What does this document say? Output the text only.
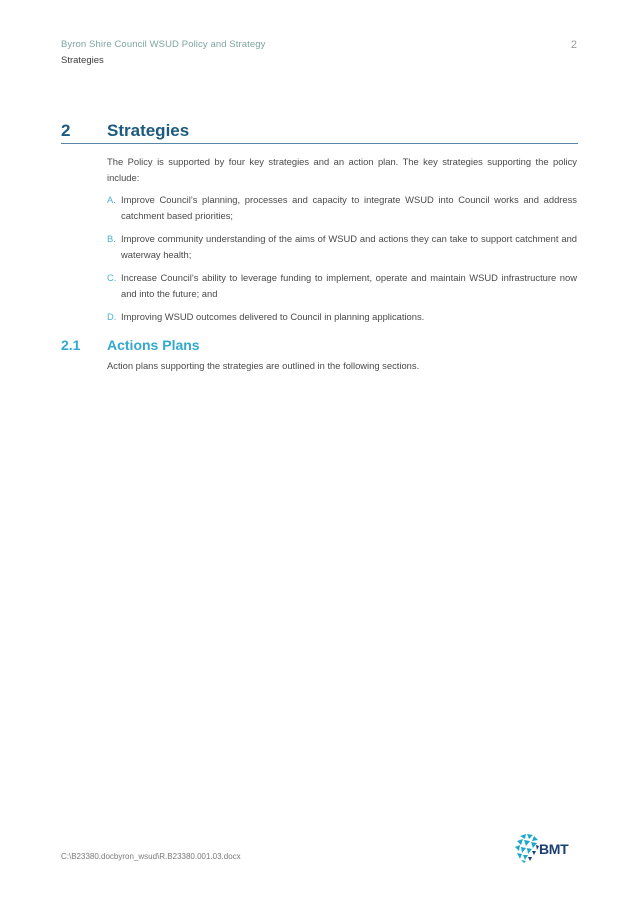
Byron Shire Council WSUD Policy and Strategy
Strategies
2
2 Strategies
The Policy is supported by four key strategies and an action plan. The key strategies supporting the policy include:
A. Improve Council’s planning, processes and capacity to integrate WSUD into Council works and address catchment based priorities;
B. Improve community understanding of the aims of WSUD and actions they can take to support catchment and waterway health;
C. Increase Council’s ability to leverage funding to implement, operate and maintain WSUD infrastructure now and into the future; and
D. Improving WSUD outcomes delivered to Council in planning applications.
2.1 Actions Plans
Action plans supporting the strategies are outlined in the following sections.
C:\B23380.docbyron_wsud\R.B23380.001.03.docx	BMT
